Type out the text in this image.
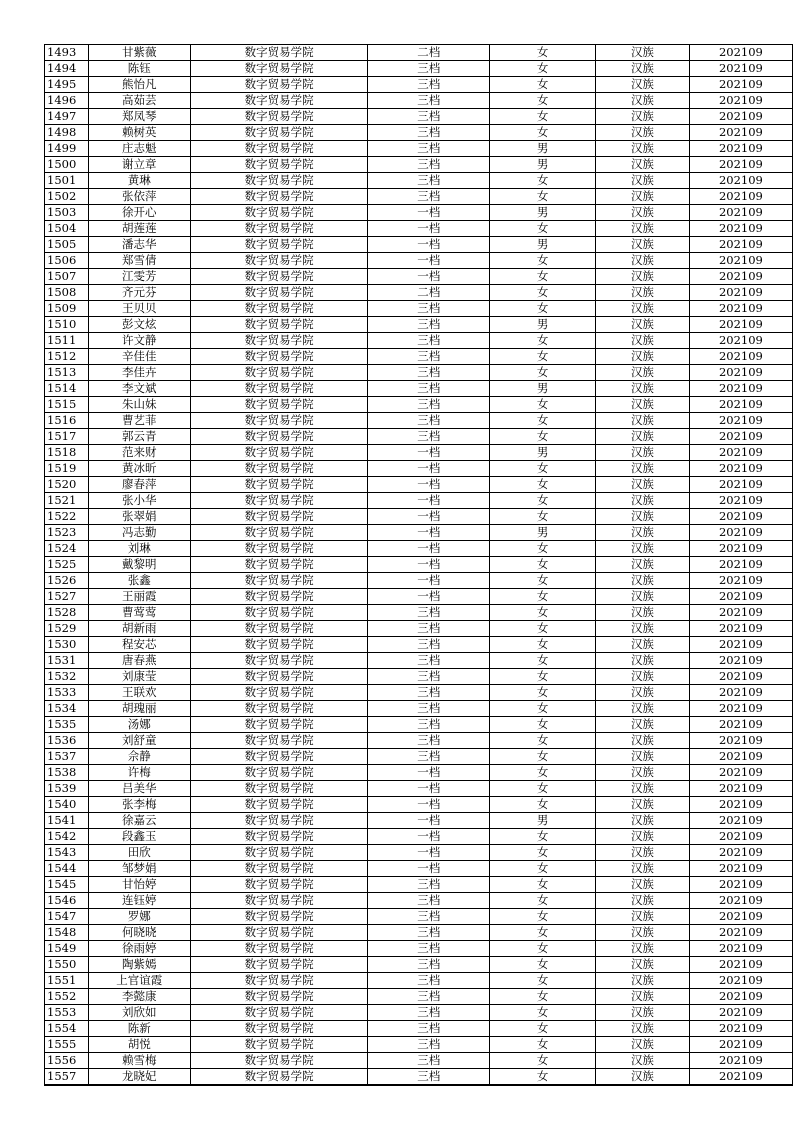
1493	甘紫薇	数字贸易学院	二档	女	汉族	202109
1494	陈钰	数字贸易学院	三档	女	汉族	202109
1495	熊怡凡	数字贸易学院	三档	女	汉族	202109
1496	高茹芸	数字贸易学院	三档	女	汉族	202109
1497	郑凤琴	数字贸易学院	三档	女	汉族	202109
1498	赖树英	数字贸易学院	三档	女	汉族	202109
1499	庄志魁	数字贸易学院	三档	男	汉族	202109
1500	谢立章	数字贸易学院	三档	男	汉族	202109
1501	黄琳	数字贸易学院	三档	女	汉族	202109
1502	张依萍	数字贸易学院	三档	女	汉族	202109
1503	徐开心	数字贸易学院	一档	男	汉族	202109
1504	胡莲莲	数字贸易学院	一档	女	汉族	202109
1505	潘志华	数字贸易学院	一档	男	汉族	202109
1506	郑雪倩	数字贸易学院	一档	女	汉族	202109
1507	江雯芳	数字贸易学院	一档	女	汉族	202109
1508	齐元芬	数字贸易学院	二档	女	汉族	202109
1509	王贝贝	数字贸易学院	三档	女	汉族	202109
1510	彭文炫	数字贸易学院	三档	男	汉族	202109
1511	许文静	数字贸易学院	三档	女	汉族	202109
1512	辛佳佳	数字贸易学院	三档	女	汉族	202109
1513	李佳卉	数字贸易学院	三档	女	汉族	202109
1514	李文斌	数字贸易学院	三档	男	汉族	202109
1515	朱山妹	数字贸易学院	三档	女	汉族	202109
1516	曹艺菲	数字贸易学院	三档	女	汉族	202109
1517	郭云青	数字贸易学院	三档	女	汉族	202109
1518	范来财	数字贸易学院	一档	男	汉族	202109
1519	黄冰昕	数字贸易学院	一档	女	汉族	202109
1520	廖春萍	数字贸易学院	一档	女	汉族	202109
1521	张小华	数字贸易学院	一档	女	汉族	202109
1522	张翠娟	数字贸易学院	一档	女	汉族	202109
1523	冯志勤	数字贸易学院	一档	男	汉族	202109
1524	刘琳	数字贸易学院	一档	女	汉族	202109
1525	戴黎明	数字贸易学院	一档	女	汉族	202109
1526	张鑫	数字贸易学院	一档	女	汉族	202109
1527	王丽霞	数字贸易学院	一档	女	汉族	202109
1528	曹莺莺	数字贸易学院	三档	女	汉族	202109
1529	胡新雨	数字贸易学院	三档	女	汉族	202109
1530	程安芯	数字贸易学院	三档	女	汉族	202109
1531	唐春燕	数字贸易学院	三档	女	汉族	202109
1532	刘康莹	数字贸易学院	三档	女	汉族	202109
1533	王联欢	数字贸易学院	三档	女	汉族	202109
1534	胡瑰丽	数字贸易学院	三档	女	汉族	202109
1535	汤娜	数字贸易学院	三档	女	汉族	202109
1536	刘舒童	数字贸易学院	三档	女	汉族	202109
1537	佘静	数字贸易学院	三档	女	汉族	202109
1538	许梅	数字贸易学院	一档	女	汉族	202109
1539	吕美华	数字贸易学院	一档	女	汉族	202109
1540	张李梅	数字贸易学院	一档	女	汉族	202109
1541	徐嘉云	数字贸易学院	一档	男	汉族	202109
1542	段鑫玉	数字贸易学院	一档	女	汉族	202109
1543	田欣	数字贸易学院	一档	女	汉族	202109
1544	邹梦娟	数字贸易学院	一档	女	汉族	202109
1545	甘怡婷	数字贸易学院	三档	女	汉族	202109
1546	连钰婷	数字贸易学院	三档	女	汉族	202109
1547	罗娜	数字贸易学院	三档	女	汉族	202109
1548	何晓晓	数字贸易学院	三档	女	汉族	202109
1549	徐雨婷	数字贸易学院	三档	女	汉族	202109
1550	陶紫嫣	数字贸易学院	三档	女	汉族	202109
1551	上官谊霞	数字贸易学院	三档	女	汉族	202109
1552	李懿康	数字贸易学院	三档	女	汉族	202109
1553	刘欣如	数字贸易学院	三档	女	汉族	202109
1554	陈新	数字贸易学院	三档	女	汉族	202109
1555	胡悦	数字贸易学院	三档	女	汉族	202109
1556	赖雪梅	数字贸易学院	三档	女	汉族	202109
1557	龙晓妃	数字贸易学院	三档	女	汉族	202109
